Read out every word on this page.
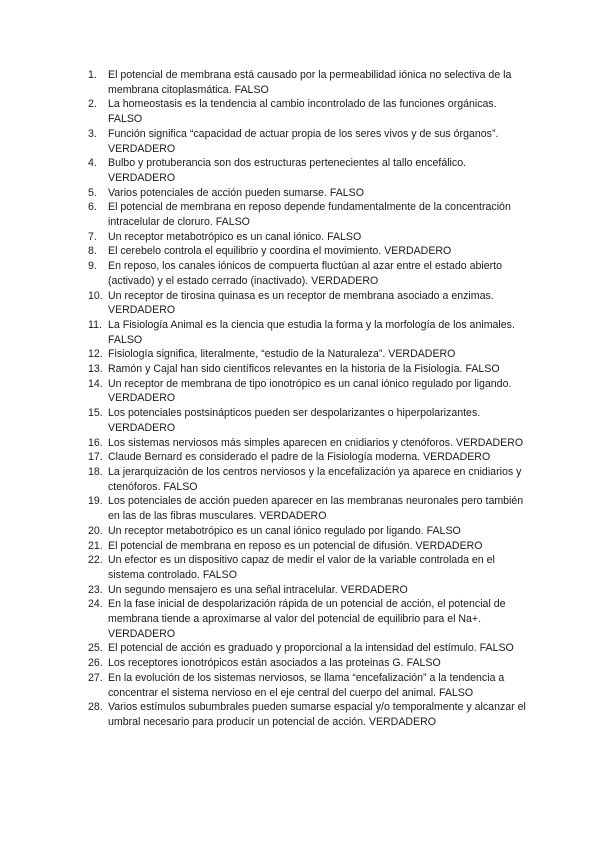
1.	El potencial de membrana está causado por la permeabilidad iónica no selectiva de la membrana citoplasmática. FALSO
2.	La homeostasis es la tendencia al cambio incontrolado de las funciones orgánicas. FALSO
3.	Función significa “capacidad de actuar propia de los seres vivos y de sus órganos”. VERDADERO
4.	Bulbo y protuberancia son dos estructuras pertenecientes al tallo encefálico. VERDADERO
5.	Varios potenciales de acción pueden sumarse. FALSO
6.	El potencial de membrana en reposo depende fundamentalmente de la concentración intracelular de cloruro. FALSO
7.	Un receptor metabotrópico es un canal iónico. FALSO
8.	El cerebelo controla el equilibrio y coordina el movimiento. VERDADERO
9.	En reposo, los canales iónicos de compuerta fluctúan al azar entre el estado abierto (activado) y el estado cerrado (inactivado). VERDADERO
10. Un receptor de tirosina quinasa es un receptor de membrana asociado a enzimas. VERDADERO
11. La Fisiología Animal es la ciencia que estudia la forma y la morfología de los animales. FALSO
12. Fisiología significa, literalmente, “estudio de la Naturaleza”. VERDADERO
13. Ramón y Cajal han sido científicos relevantes en la historia de la Fisiología. FALSO
14. Un receptor de membrana de tipo ionotrópico es un canal iónico regulado por ligando. VERDADERO
15. Los potenciales postsinápticos pueden ser despolarizantes o hiperpolarizantes. VERDADERO
16. Los sistemas nerviosos más simples aparecen en cnidiarios y ctenóforos. VERDADERO
17. Claude Bernard es considerado el padre de la Fisiología moderna. VERDADERO
18. La jerarquización de los centros nerviosos y la encefalización ya aparece en cnidiarios y ctenóforos. FALSO
19. Los potenciales de acción pueden aparecer en las membranas neuronales pero también en las de las fibras musculares. VERDADERO
20. Un receptor metabotrópico es un canal iónico regulado por ligando. FALSO
21. El potencial de membrana en reposo es un potencial de difusión. VERDADERO
22. Un efector es un dispositivo capaz de medir el valor de la variable controlada en el sistema controlado. FALSO
23. Un segundo mensajero es una señal intracelular. VERDADERO
24. En la fase inicial de despolarización rápida de un potencial de acción, el potencial de membrana tiende a aproximarse al valor del potencial de equilibrio para el Na+. VERDADERO
25. El potencial de acción es graduado y proporcional a la intensidad del estímulo. FALSO
26. Los receptores ionotrópicos están asociados a las proteinas G. FALSO
27. En la evolución de los sistemas nerviosos, se llama “encefalización” a la tendencia a concentrar el sistema nervioso en el eje central del cuerpo del animal. FALSO
28. Varios estímulos subumbrales pueden sumarse espacial y/o temporalmente y alcanzar el umbral necesario para producir un potencial de acción. VERDADERO
